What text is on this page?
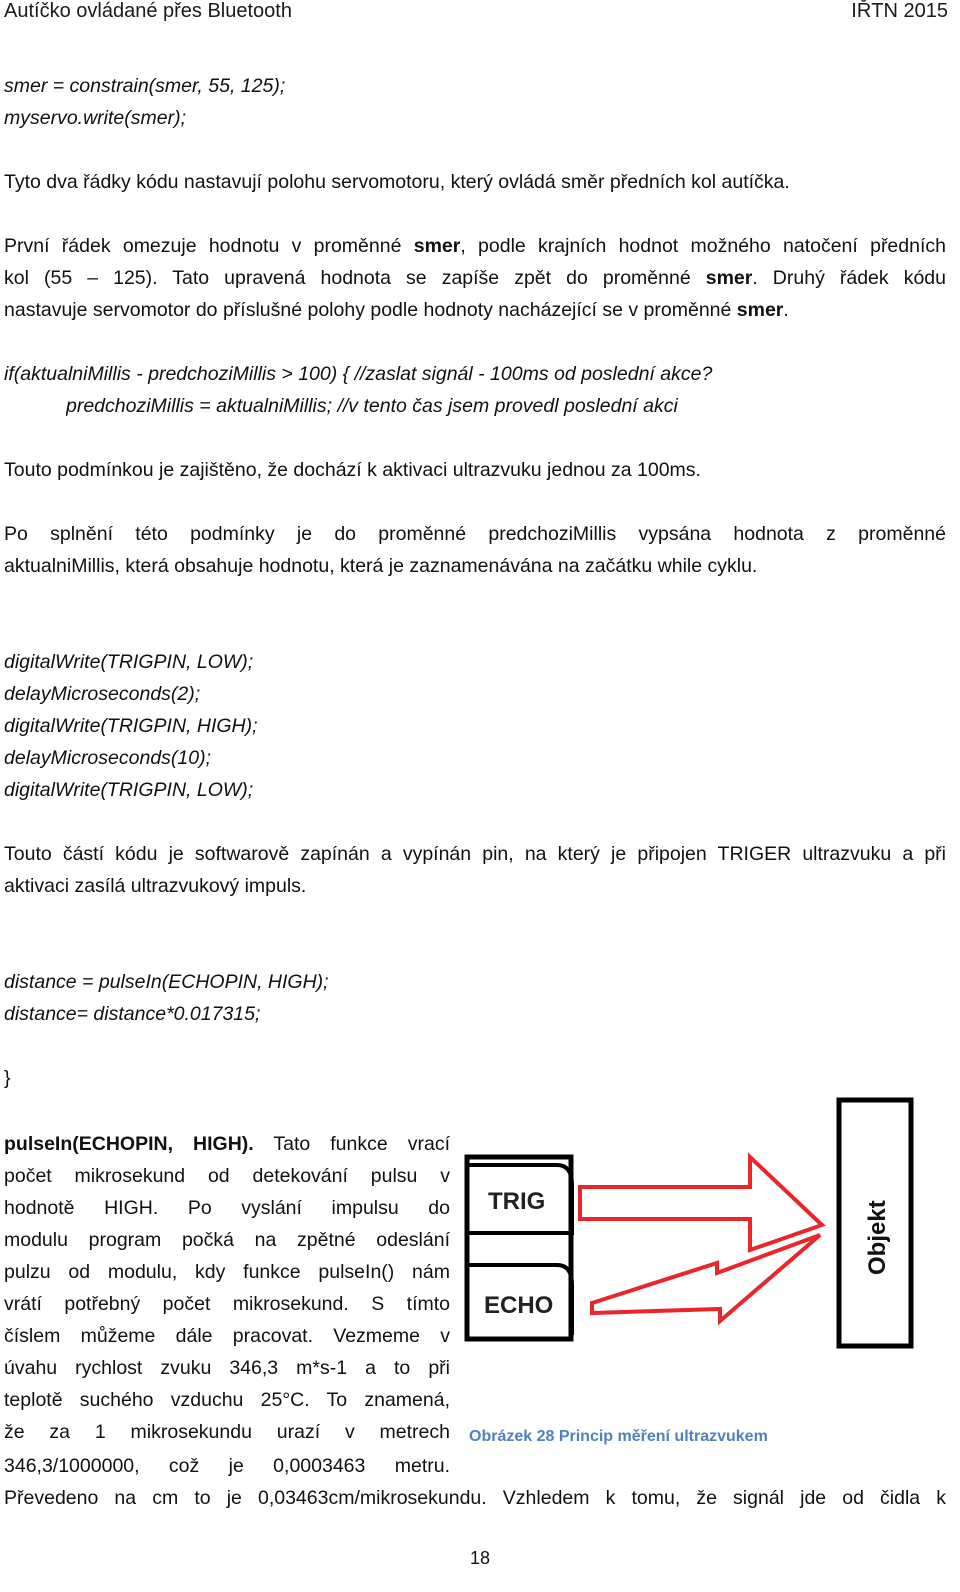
Autíčko ovládané přes Bluetooth	IŘTN 2015
smer = constrain(smer, 55, 125);
myservo.write(smer);
Tyto dva řádky kódu nastavují polohu servomotoru, který ovládá směr předních kol autíčka.
První řádek omezuje hodnotu v proměnné smer, podle krajních hodnot možného natočení předních
kol (55 – 125). Tato upravená hodnota se zapíše zpět do proměnné smer. Druhý řádek kódu
nastavuje servomotor do příslušné polohy podle hodnoty nacházející se v proměnné smer.
if(aktualniMillis - predchoziMillis > 100) { //zaslat signál - 100ms od poslední akce?
predchoziMillis = aktualniMillis; //v tento čas jsem provedl poslední akci
Touto podmínkou je zajištěno, že dochází k aktivaci ultrazvuku jednou za 100ms.
Po splnění této podmínky je do proměnné predchoziMillis vypsána hodnota z proměnné
aktualniMillis, která obsahuje hodnotu, která je zaznamenávána na začátku while cyklu.
digitalWrite(TRIGPIN, LOW);
delayMicroseconds(2);
digitalWrite(TRIGPIN, HIGH);
delayMicroseconds(10);
digitalWrite(TRIGPIN, LOW);
Touto částí kódu je softwarově zapínán a vypínán pin, na který je připojen TRIGER ultrazvuku a při
aktivaci zasílá ultrazvukový impuls.
distance = pulseIn(ECHOPIN, HIGH);
distance= distance*0.017315;
}
pulseIn(ECHOPIN, HIGH). Tato funkce vrací
počet mikrosekund od detekování pulsu v
hodnotě HIGH. Po vyslání impulsu do
modulu program počká na zpětné odeslání
pulzu od modulu, kdy funkce pulseIn() nám
vrátí potřebný počet mikrosekund. S tímto
číslem můžeme dále pracovat. Vezmeme v
úvahu rychlost zvuku 346,3 m*s-1 a to při
teplotě suchého vzduchu 25°C. To znamená,
že za 1 mikrosekundu urazí v metrech
346,3/1000000, což je 0,0003463 metru.
Převedeno na cm to je 0,03463cm/mikrosekundu. Vzhledem k tomu, že signál jde od čidla k
TRIG
ECHO
Objekt
Obrázek 28 Princip měření ultrazvukem
18
